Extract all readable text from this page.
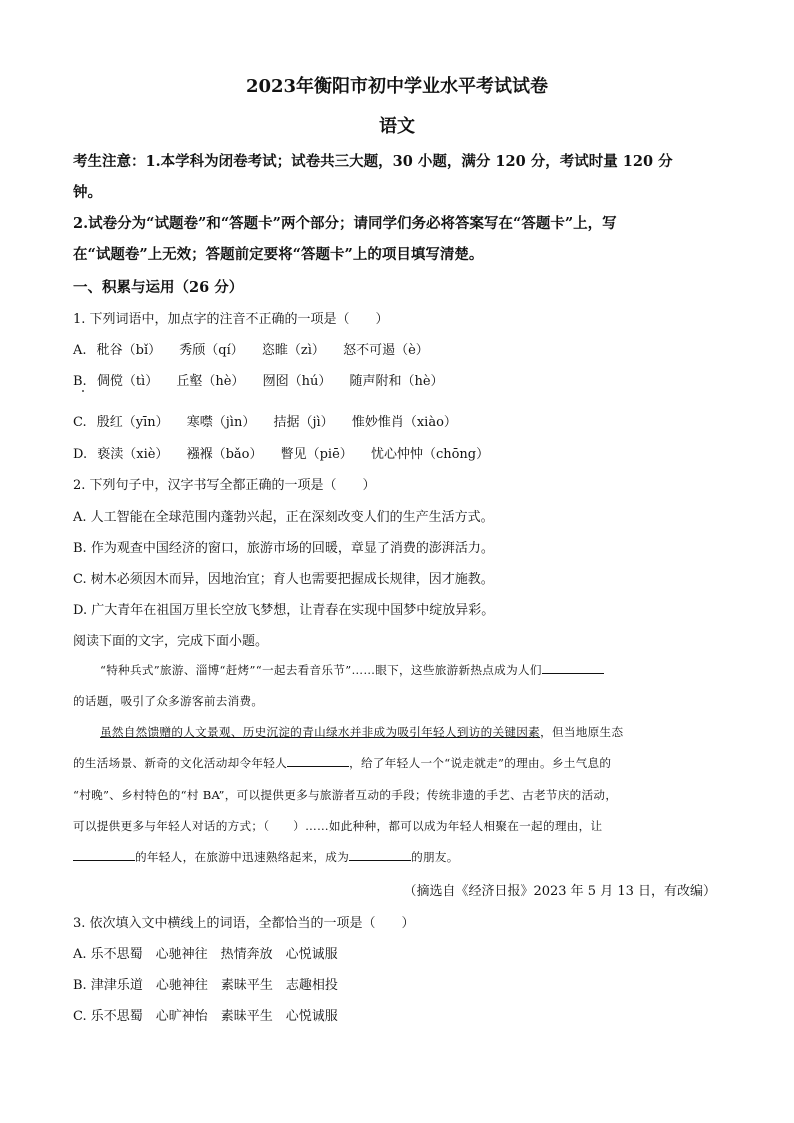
2023年衡阳市初中学业水平考试试卷
语文
考生注意：1.本学科为闭卷考试；试卷共三大题，30 小题，满分 120 分，考试时量 120 分
钟。
2.试卷分为“试题卷”和“答题卡”两个部分；请同学们务必将答案写在“答题卡”上，写
在“试题卷”上无效；答题前定要将“答题卡”上的项目填写清楚。
一、积累与运用（26 分）
1. 下列词语中，加点字的注音不正确的一项是（　　）
A. 秕谷（bǐ） 秀颀（qí） 恣睢（zì） 怒不可遏（è）
B. 倜傥（tì） 丘壑（hè） 囫囵（hú） 随声附和（hè）
C. 殷红（yīn） 寒噤（jìn） 拮据（jì） 惟妙惟肖（xiào）
D. 亵渎（xiè） 襁褓（bǎo） 瞥见（piē） 忧心忡忡（chōng）
2. 下列句子中，汉字书写全都正确的一项是（　　）
A. 人工智能在全球范围内蓬勃兴起，正在深刻改变人们的生产生活方式。
B. 作为观查中国经济的窗口，旅游市场的回暖，章显了消费的澎湃活力。
C. 树木必须因木而异，因地治宜；育人也需要把握成长规律，因才施教。
D. 广大青年在祖国万里长空放飞梦想，让青春在实现中国梦中绽放异彩。
阅读下面的文字，完成下面小题。
“特种兵式”旅游、淄博“赶烤”“一起去看音乐节”……眼下，这些旅游新热点成为人们
的话题，吸引了众多游客前去消费。
虽然自然馈赠的人文景观、历史沉淀的青山绿水并非成为吸引年轻人到访的关键因素，但当地原生态
的生活场景、新奇的文化活动却令年轻人	，给了年轻人一个“说走就走”的理由。乡土气息的
“村晚”、乡村特色的“村 BA”，可以提供更多与旅游者互动的手段；传统非遗的手艺、古老节庆的活动，
可以提供更多与年轻人对话的方式；（　　）……如此种种，都可以成为年轻人相聚在一起的理由，让
的年轻人，在旅游中迅速熟络起来，成为	的朋友。
（摘选自《经济日报》2023 年 5 月 13 日，有改编）
3. 依次填入文中横线上的词语，全都恰当的一项是（　　）
A. 乐不思蜀　心驰神往　热情奔放　心悦诚服
B. 津津乐道　心驰神往　素昧平生　志趣相投
C. 乐不思蜀　心旷神怡　素昧平生　心悦诚服
